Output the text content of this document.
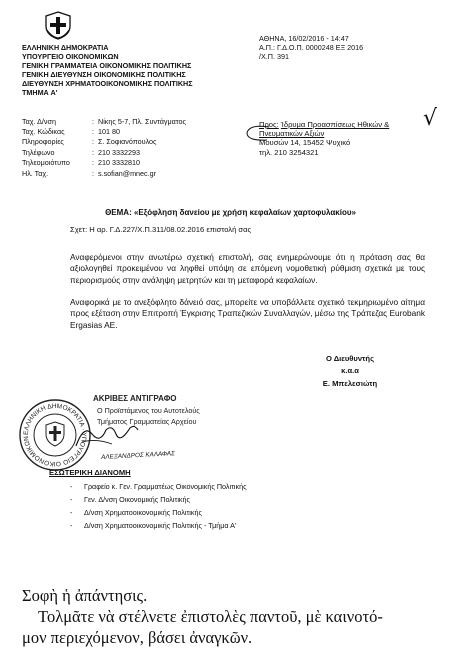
ΕΛΛΗΝΙΚΗ ΔΗΜΟΚΡΑΤΙΑ
ΥΠΟΥΡΓΕΙΟ ΟΙΚΟΝΟΜΙΚΩΝ
ΓΕΝΙΚΗ ΓΡΑΜΜΑΤΕΙΑ ΟΙΚΟΝΟΜΙΚΗΣ ΠΟΛΙΤΙΚΗΣ
ΓΕΝΙΚΗ ΔΙΕΥΘΥΝΣΗ ΟΙΚΟΝΟΜΙΚΗΣ ΠΟΛΙΤΙΚΗΣ
ΔΙΕΥΘΥΝΣΗ ΧΡΗΜΑΤΟΟΙΚΟΝΟΜΙΚΗΣ ΠΟΛΙΤΙΚΗΣ
ΤΜΗΜΑ Α'
ΑΘΗΝΑ, 16/02/2016 - 14:47
Α.Π.: Γ.Δ.Ο.Π. 0000248 ΕΞ 2016
/Χ.Π. 391
Ταχ. Δ/νση	: Νίκης 5-7, Πλ. Συντάγματος
Ταχ. Κώδικας	: 101 80
Πληροφορίες	: Σ. Σοφιανόπουλος
Τηλέφωνο	: 210 3332293
Τηλεομοιότυπο	: 210 3332810
Ηλ. Ταχ.	: s.sofian@mnec.gr
Προς: Ίδρυμα Προασπίσεως Ηθικών &
Πνευματικών Αξιών
Μουσών 14, 15452 Ψυχικό
τηλ. 210 3254321
√
ΘΕΜΑ: «Εξόφληση δανείου με χρήση κεφαλαίων χαρτοφυλακίου»
Σχετ: Η αρ. Γ.Δ.227/Χ.Π.311/08.02.2016 επιστολή σας
Αναφερόμενοι στην ανωτέρω σχετική επιστολή, σας ενημερώνουμε ότι η πρόταση σας θα αξιολογηθεί προκειμένου να ληφθεί υπόψη σε επόμενη νομοθετική ρύθμιση σχετικά με τους περιορισμούς στην ανάληψη μετρητών και τη μεταφορά κεφαλαίων.
Αναφορικά με το ανεξόφλητο δάνειό σας, μπορείτε να υποβάλλετε σχετικό τεκμηριωμένο αίτημα προς εξέταση στην Επιτροπή Έγκρισης Τραπεζικών Συναλλαγών, μέσω της Τράπεζας Eurobank Ergasias AE.
Ο Διευθυντής
κ.α.α
Ε. Μπελεσιώτη
ΕΛΛΗΝΙΚΗ ΔΗΜΟΚΡΑΤΙΑ · ΥΠΟΥΡΓΕΙΟ ΟΙΚΟΝΟΜΙΚΩΝ
ΑΚΡΙΒΕΣ ΑΝΤΙΓΡΑΦΟ
Ο Προϊστάμενος του Αυτοτελούς
Τμήματος Γραμματείας Αρχείου
ΑΛΕΞΑΝΔΡΟΣ ΚΑΛΑΦΑΣ
ΕΣΩΤΕΡΙΚΗ ΔΙΑΝΟΜΗ
-	Γραφείο κ. Γεν. Γραμματέως Οικονομικής Πολιτικής
-	Γεν. Δ/νση Οικονομικής Πολιτικής
-	Δ/νση Χρηματοοικονομικής Πολιτικής
-	Δ/νση Χρηματοοικονομικής Πολιτικής - Τμήμα Α'
Σοφὴ ἡ ἀπάντησις.
Τολμᾶτε νὰ στέλνετε ἐπιστολὲς παντοῦ, μὲ καινοτό-
μον περιεχόμενον, βάσει ἀναγκῶν.
